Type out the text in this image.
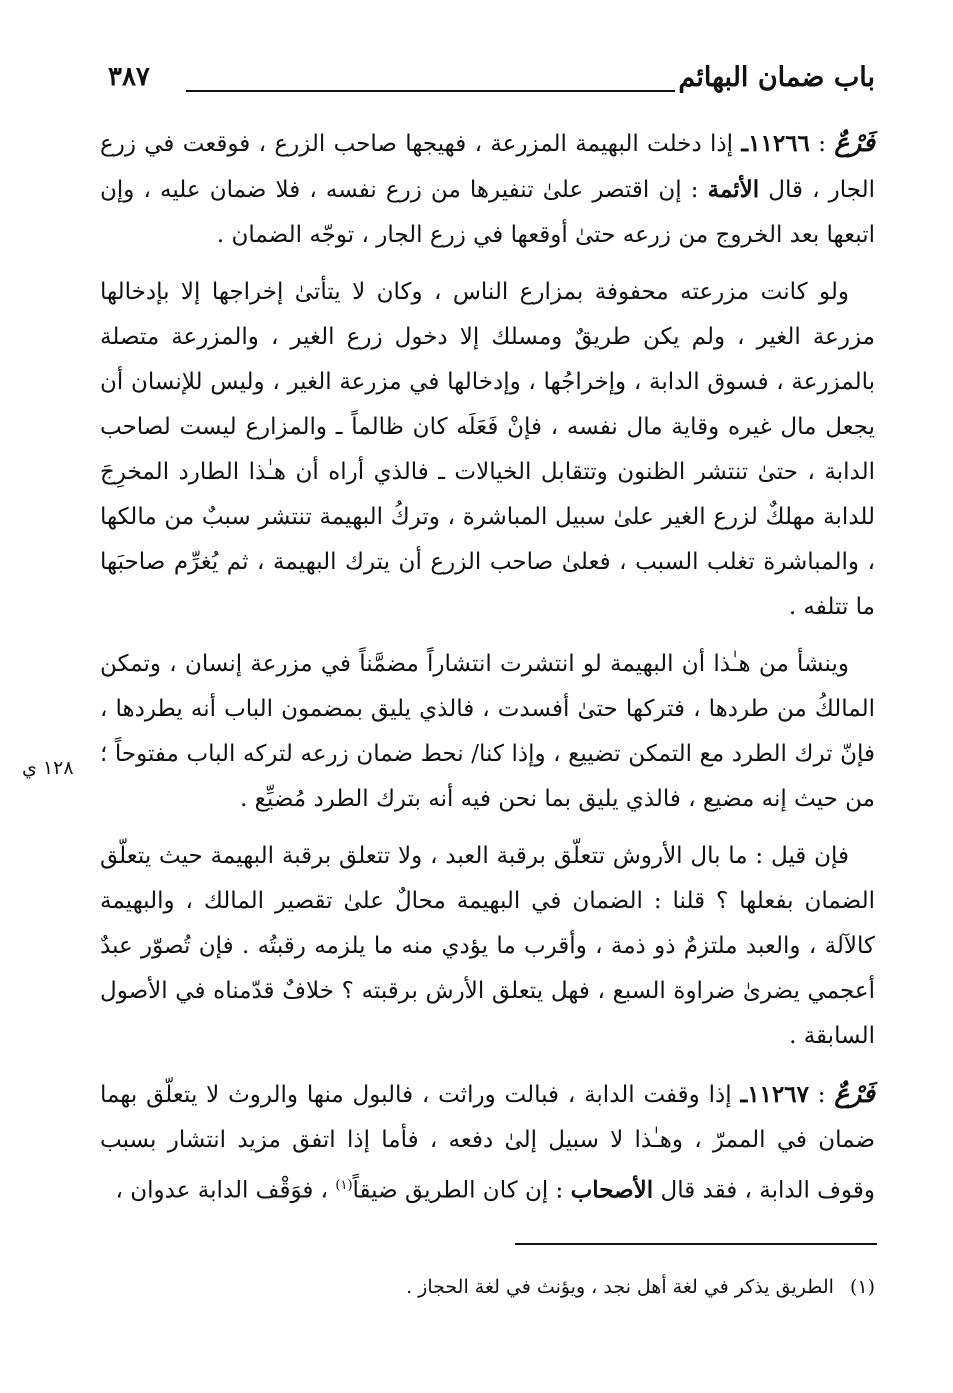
باب ضمان البهائم
٣٨٧
١٢٨ ي

فَرْعٌ : ١١٢٦٦ـ إذا دخلت البهيمة المزرعة ، فهيجها صاحب الزرع ، فوقعت في زرع الجار ، قال الأئمة : إن اقتصر علىٰ تنفيرها من زرع نفسه ، فلا ضمان عليه ، وإن اتبعها بعد الخروج من زرعه حتىٰ أوقعها في زرع الجار ، توجّه الضمان .

ولو كانت مزرعته محفوفة بمزارع الناس ، وكان لا يتأتىٰ إخراجها إلا بإدخالها مزرعة الغير ، ولم يكن طريقٌ ومسلك إلا دخول زرع الغير ، والمزرعة متصلة بالمزرعة ، فسوق الدابة ، وإخراجُها ، وإدخالها في مزرعة الغير ، وليس للإنسان أن يجعل مال غيره وقاية مال نفسه ، فإنْ فَعَلَه كان ظالماً ـ والمزارع ليست لصاحب الدابة ، حتىٰ تنتشر الظنون وتتقابل الخيالات ـ فالذي أراه أن هـٰذا الطارد المخرِجَ للدابة مهلكٌ لزرع الغير علىٰ سبيل المباشرة ، وتركُ البهيمة تنتشر سببٌ من مالكها ، والمباشرة تغلب السبب ، فعلىٰ صاحب الزرع أن يترك البهيمة ، ثم يُغرِّم صاحبَها ما تتلفه .

وينشأ من هـٰذا أن البهيمة لو انتشرت انتشاراً مضمَّناً في مزرعة إنسان ، وتمكن المالكُ من طردها ، فتركها حتىٰ أفسدت ، فالذي يليق بمضمون الباب أنه يطردها ، فإنّ ترك الطرد مع التمكن تضييع ، وإذا كنا/ نحط ضمان زرعه لتركه الباب مفتوحاً ؛ من حيث إنه مضيع ، فالذي يليق بما نحن فيه أنه بترك الطرد مُضيِّع .

فإن قيل : ما بال الأروش تتعلّق برقبة العبد ، ولا تتعلق برقبة البهيمة حيث يتعلّق الضمان بفعلها ؟ قلنا : الضمان في البهيمة محالٌ علىٰ تقصير المالك ، والبهيمة كالآلة ، والعبد ملتزمٌ ذو ذمة ، وأقرب ما يؤدي منه ما يلزمه رقبتُه . فإن تُصوّر عبدٌ أعجمي يضرىٰ ضراوة السبع ، فهل يتعلق الأرش برقبته ؟ خلافٌ قدّمناه في الأصول السابقة .

فَرْعٌ : ١١٢٦٧ـ إذا وقفت الدابة ، فبالت وراثت ، فالبول منها والروث لا يتعلّق بهما ضمان في الممرّ ، وهـٰذا لا سبيل إلىٰ دفعه ، فأما إذا اتفق مزيد انتشار بسبب وقوف الدابة ، فقد قال الأصحاب : إن كان الطريق ضيقاً$^{(١)}$ ، فوَقْف الدابة عدوان ،

(١) الطريق يذكر في لغة أهل نجد ، ويؤنث في لغة الحجاز .
